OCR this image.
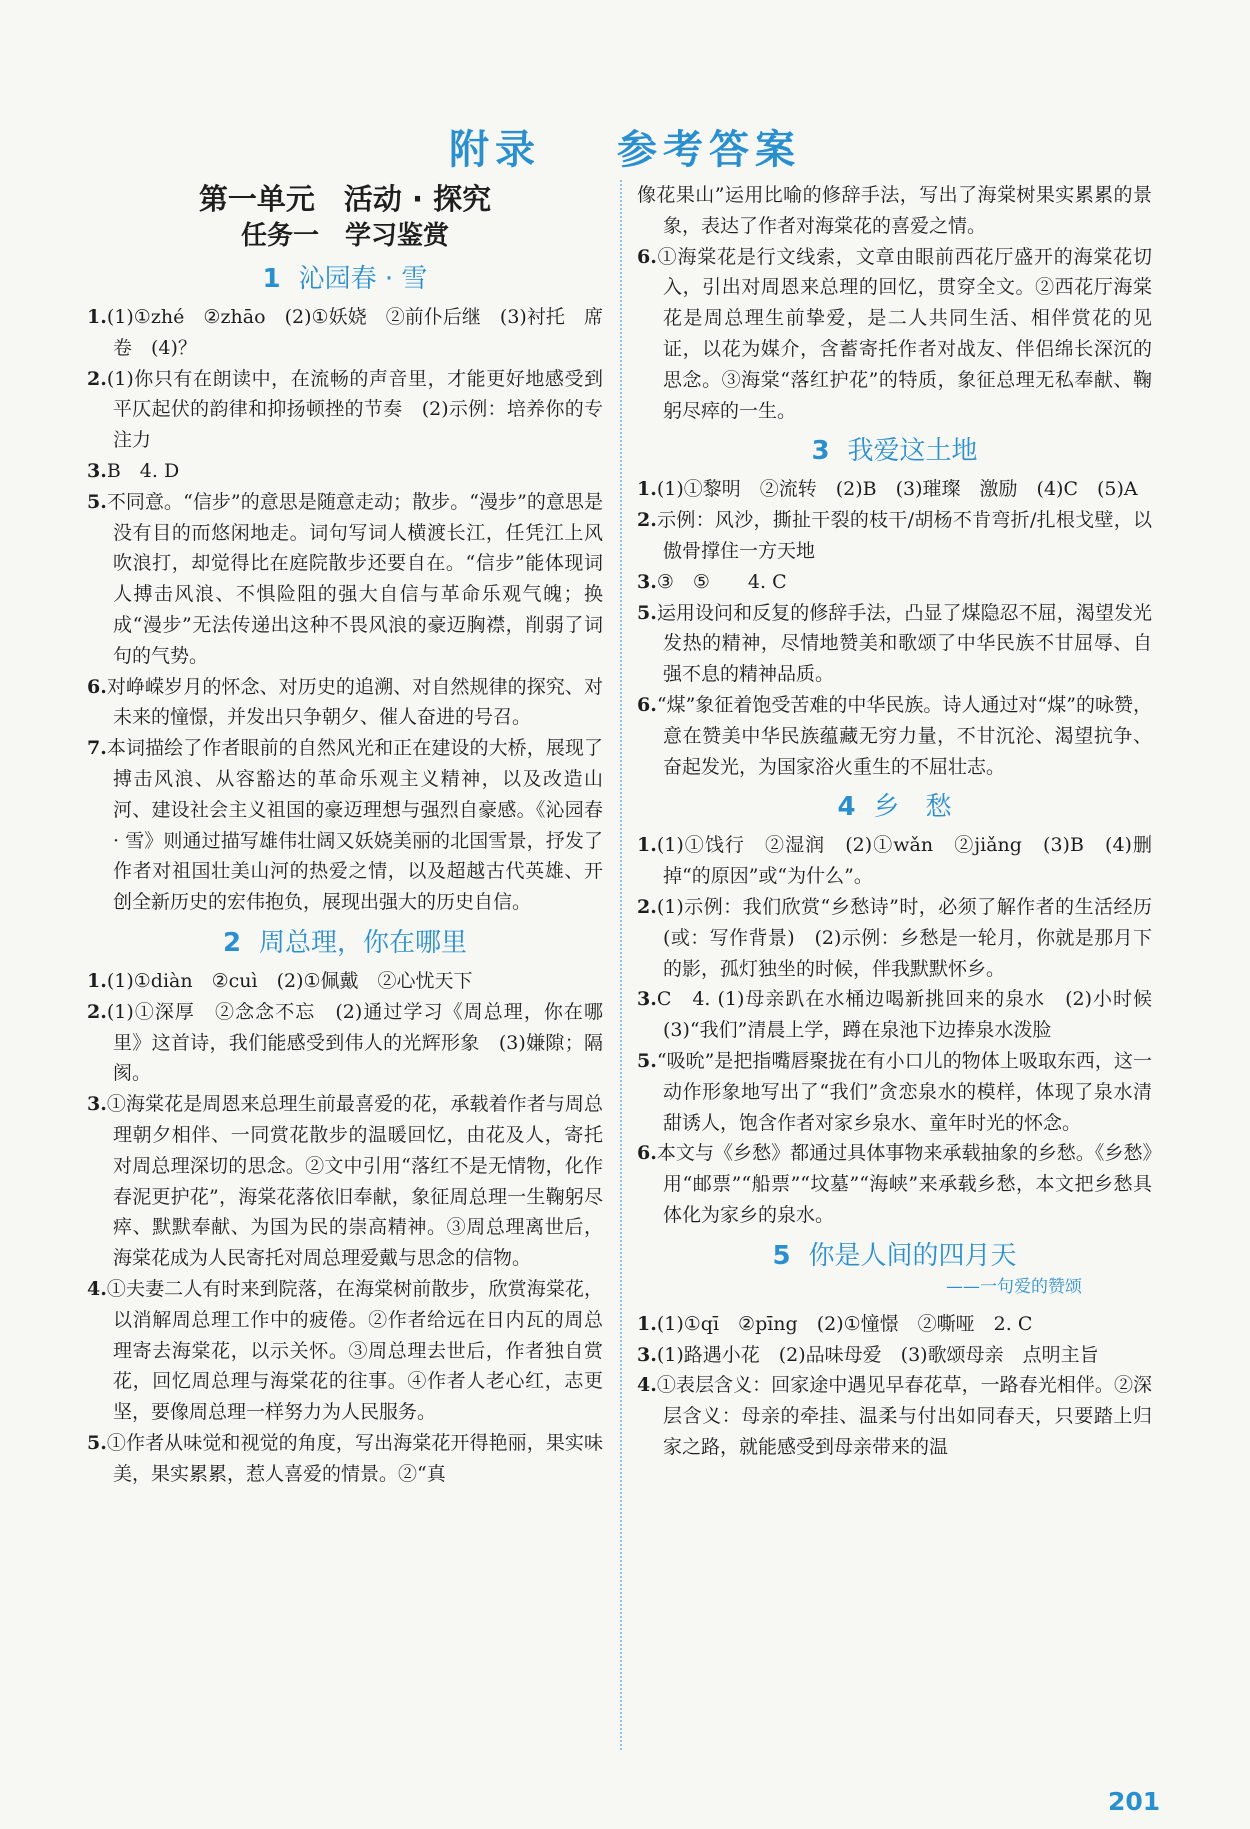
附录 参考答案
第一单元　活动 · 探究
任务一　学习鉴赏
1 沁园春 · 雪

1.(1)①zhé　②zhāo　(2)①妖娆　②前仆后继　(3)衬托　席卷　(4)？

2.(1)你只有在朗读中，在流畅的声音里，才能更好地感受到平仄起伏的韵律和抑扬顿挫的节奏　(2)示例：培养你的专注力

3.B　4. D

5.不同意。“信步”的意思是随意走动；散步。“漫步”的意思是没有目的而悠闲地走。词句写词人横渡长江，任凭江上风吹浪打，却觉得比在庭院散步还要自在。“信步”能体现词人搏击风浪、不惧险阻的强大自信与革命乐观气魄；换成“漫步”无法传递出这种不畏风浪的豪迈胸襟，削弱了词句的气势。

6.对峥嵘岁月的怀念、对历史的追溯、对自然规律的探究、对未来的憧憬，并发出只争朝夕、催人奋进的号召。

7.本词描绘了作者眼前的自然风光和正在建设的大桥，展现了搏击风浪、从容豁达的革命乐观主义精神，以及改造山河、建设社会主义祖国的豪迈理想与强烈自豪感。《沁园春 · 雪》则通过描写雄伟壮阔又妖娆美丽的北国雪景，抒发了作者对祖国壮美山河的热爱之情，以及超越古代英雄、开创全新历史的宏伟抱负，展现出强大的历史自信。

2 周总理，你在哪里

1.(1)①diàn　②cuì　(2)①佩戴　②心忧天下

2.(1)①深厚　②念念不忘　(2)通过学习《周总理，你在哪里》这首诗，我们能感受到伟人的光辉形象　(3)嫌隙；隔阂。

3.①海棠花是周恩来总理生前最喜爱的花，承载着作者与周总理朝夕相伴、一同赏花散步的温暖回忆，由花及人，寄托对周总理深切的思念。②文中引用“落红不是无情物，化作春泥更护花”，海棠花落依旧奉献，象征周总理一生鞠躬尽瘁、默默奉献、为国为民的崇高精神。③周总理离世后，海棠花成为人民寄托对周总理爱戴与思念的信物。

4.①夫妻二人有时来到院落，在海棠树前散步，欣赏海棠花，以消解周总理工作中的疲倦。②作者给远在日内瓦的周总理寄去海棠花，以示关怀。③周总理去世后，作者独自赏花，回忆周总理与海棠花的往事。④作者人老心红，志更坚，要像周总理一样努力为人民服务。

5.①作者从味觉和视觉的角度，写出海棠花开得艳丽，果实味美，果实累累，惹人喜爱的情景。②“真

像花果山”运用比喻的修辞手法，写出了海棠树果实累累的景象，表达了作者对海棠花的喜爱之情。

6.①海棠花是行文线索，文章由眼前西花厅盛开的海棠花切入，引出对周恩来总理的回忆，贯穿全文。②西花厅海棠花是周总理生前挚爱，是二人共同生活、相伴赏花的见证，以花为媒介，含蓄寄托作者对战友、伴侣绵长深沉的思念。③海棠“落红护花”的特质，象征总理无私奉献、鞠躬尽瘁的一生。

3 我爱这土地

1.(1)①黎明　②流转　(2)B　(3)璀璨　激励　(4)C　(5)A

2.示例：风沙，撕扯干裂的枝干/胡杨不肯弯折/扎根戈壁，以傲骨撑住一方天地

3.③　⑤　　4. C

5.运用设问和反复的修辞手法，凸显了煤隐忍不屈，渴望发光发热的精神，尽情地赞美和歌颂了中华民族不甘屈辱、自强不息的精神品质。

6.“煤”象征着饱受苦难的中华民族。诗人通过对“煤”的咏赞，意在赞美中华民族蕴藏无穷力量，不甘沉沦、渴望抗争、奋起发光，为国家浴火重生的不屈壮志。

4 乡　愁

1.(1)①饯行　②湿润　(2)①wǎn　②jiǎng　(3)B　(4)删掉“的原因”或“为什么”。

2.(1)示例：我们欣赏“乡愁诗”时，必须了解作者的生活经历(或：写作背景)　(2)示例：乡愁是一轮月，你就是那月下的影，孤灯独坐的时候，伴我默默怀乡。

3.C　4. (1)母亲趴在水桶边喝新挑回来的泉水　(2)小时候　(3)“我们”清晨上学，蹲在泉池下边捧泉水泼脸

5.“吸吮”是把指嘴唇聚拢在有小口儿的物体上吸取东西，这一动作形象地写出了“我们”贪恋泉水的模样，体现了泉水清甜诱人，饱含作者对家乡泉水、童年时光的怀念。

6.本文与《乡愁》都通过具体事物来承载抽象的乡愁。《乡愁》用“邮票”“船票”“坟墓”“海峡”来承载乡愁，本文把乡愁具体化为家乡的泉水。

5 你是人间的四月天
——一句爱的赞颂

1.(1)①qī　②pīng　(2)①憧憬　②嘶哑　2. C

3.(1)路遇小花　(2)品味母爱　(3)歌颂母亲　点明主旨

4.①表层含义：回家途中遇见早春花草，一路春光相伴。②深层含义：母亲的牵挂、温柔与付出如同春天，只要踏上归家之路，就能感受到母亲带来的温

201
